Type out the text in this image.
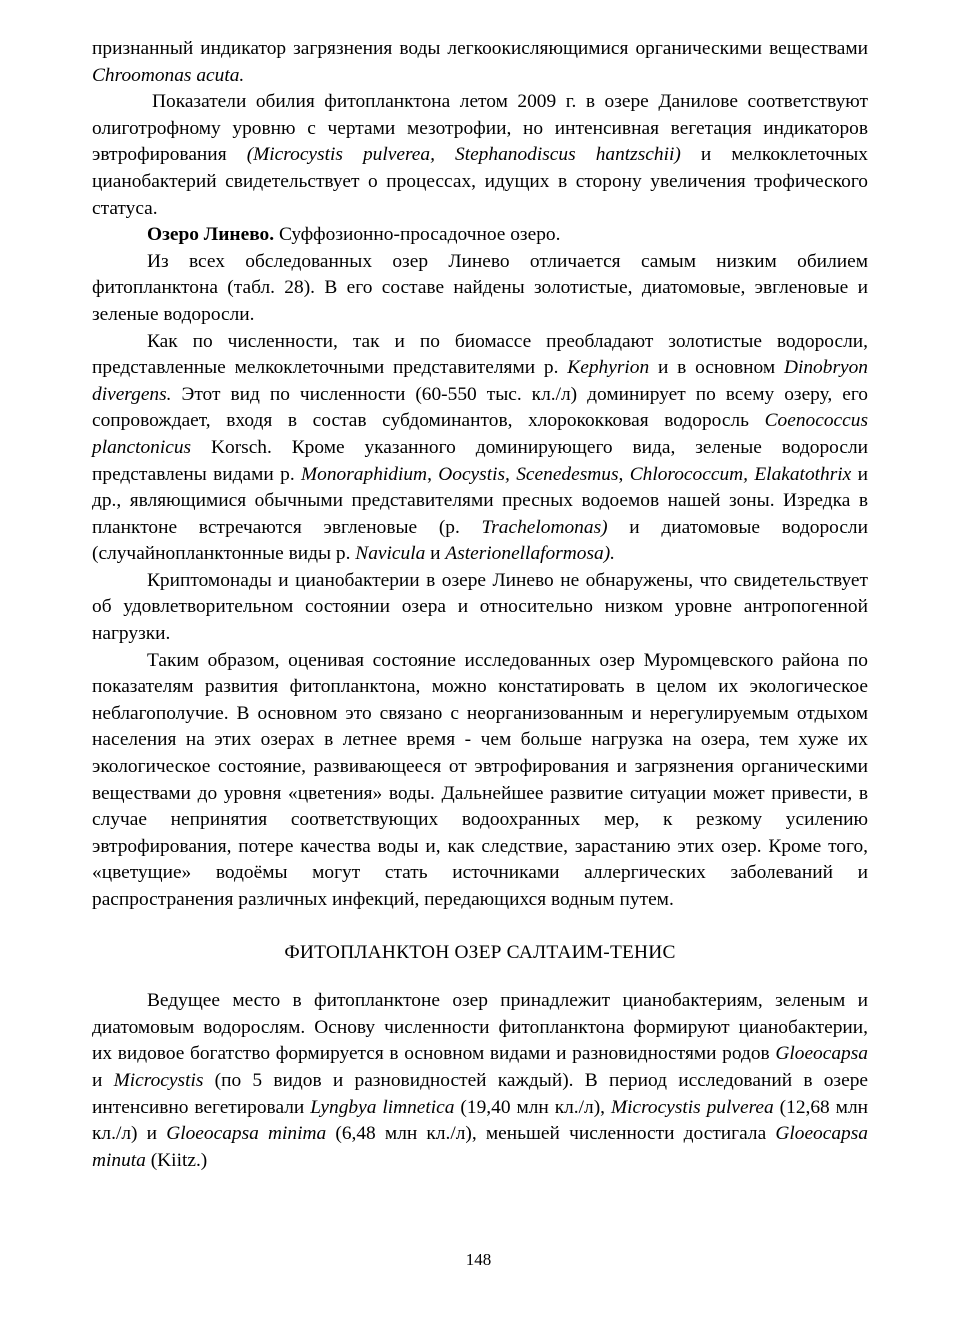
признанный индикатор загрязнения воды легкоокисляющимися органическими веществами Chroomonas acuta.

Показатели обилия фитопланктона летом 2009 г. в озере Данилове соответствуют олиготрофному уровню с чертами мезотрофии, но интенсивная вегетация индикаторов эвтрофирования (Microcystis pulverea, Stephanodiscus hantzschii) и мелкоклеточных цианобактерий свидетельствует о процессах, идущих в сторону увеличения трофического статуса.

Озеро Линево. Суффозионно-просадочное озеро.

Из всех обследованных озер Линево отличается самым низким обилием фитопланктона (табл. 28). В его составе найдены золотистые, диатомовые, эвгленовые и зеленые водоросли.

Как по численности, так и по биомассе преобладают золотистые водоросли, представленные мелкоклеточными представителями р. Kephyrion и в основном Dinobryon divergens. Этот вид по численности (60-550 тыс. кл./л) доминирует по всему озеру, его сопровождает, входя в состав субдоминантов, хлорококковая водоросль Coenococcus planctonicus Korsch. Кроме указанного доминирующего вида, зеленые водоросли представлены видами р. Monoraphidium, Oocystis, Scenedesmus, Chlorococcum, Elakatothrix и др., являющимися обычными представителями пресных водоемов нашей зоны. Изредка в планктоне встречаются эвгленовые (р. Trachelomonas) и диатомовые водоросли (случайнопланктонные виды р. Navicula и Asterionellaformosa).

Криптомонады и цианобактерии в озере Линево не обнаружены, что свидетельствует об удовлетворительном состоянии озера и относительно низком уровне антропогенной нагрузки.

Таким образом, оценивая состояние исследованных озер Муромцевского района по показателям развития фитопланктона, можно констатировать в целом их экологическое неблагополучие. В основном это связано с неорганизованным и нерегулируемым отдыхом населения на этих озерах в летнее время - чем больше нагрузка на озера, тем хуже их экологическое состояние, развивающееся от эвтрофирования и загрязнения органическими веществами до уровня «цветения» воды. Дальнейшее развитие ситуации может привести, в случае непринятия соответствующих водоохранных мер, к резкому усилению эвтрофирования, потере качества воды и, как следствие, зарастанию этих озер. Кроме того, «цветущие» водоёмы могут стать источниками аллергических заболеваний и распространения различных инфекций, передающихся водным путем.

ФИТОПЛАНКТОН ОЗЕР САЛТАИМ-ТЕНИС

Ведущее место в фитопланктоне озер принадлежит цианобактериям, зеленым и диатомовым водорослям. Основу численности фитопланктона формируют цианобактерии, их видовое богатство формируется в основном видами и разновидностями родов Gloeocapsa и Microcystis (по 5 видов и разновидностей каждый). В период исследований в озере интенсивно вегетировали Lyngbya limnetica (19,40 млн кл./л), Microcystis pulverea (12,68 млн кл./л) и Gloeocapsa minima (6,48 млн кл./л), меньшей численности достигала Gloeocapsa minuta (Kiitz.)

148
